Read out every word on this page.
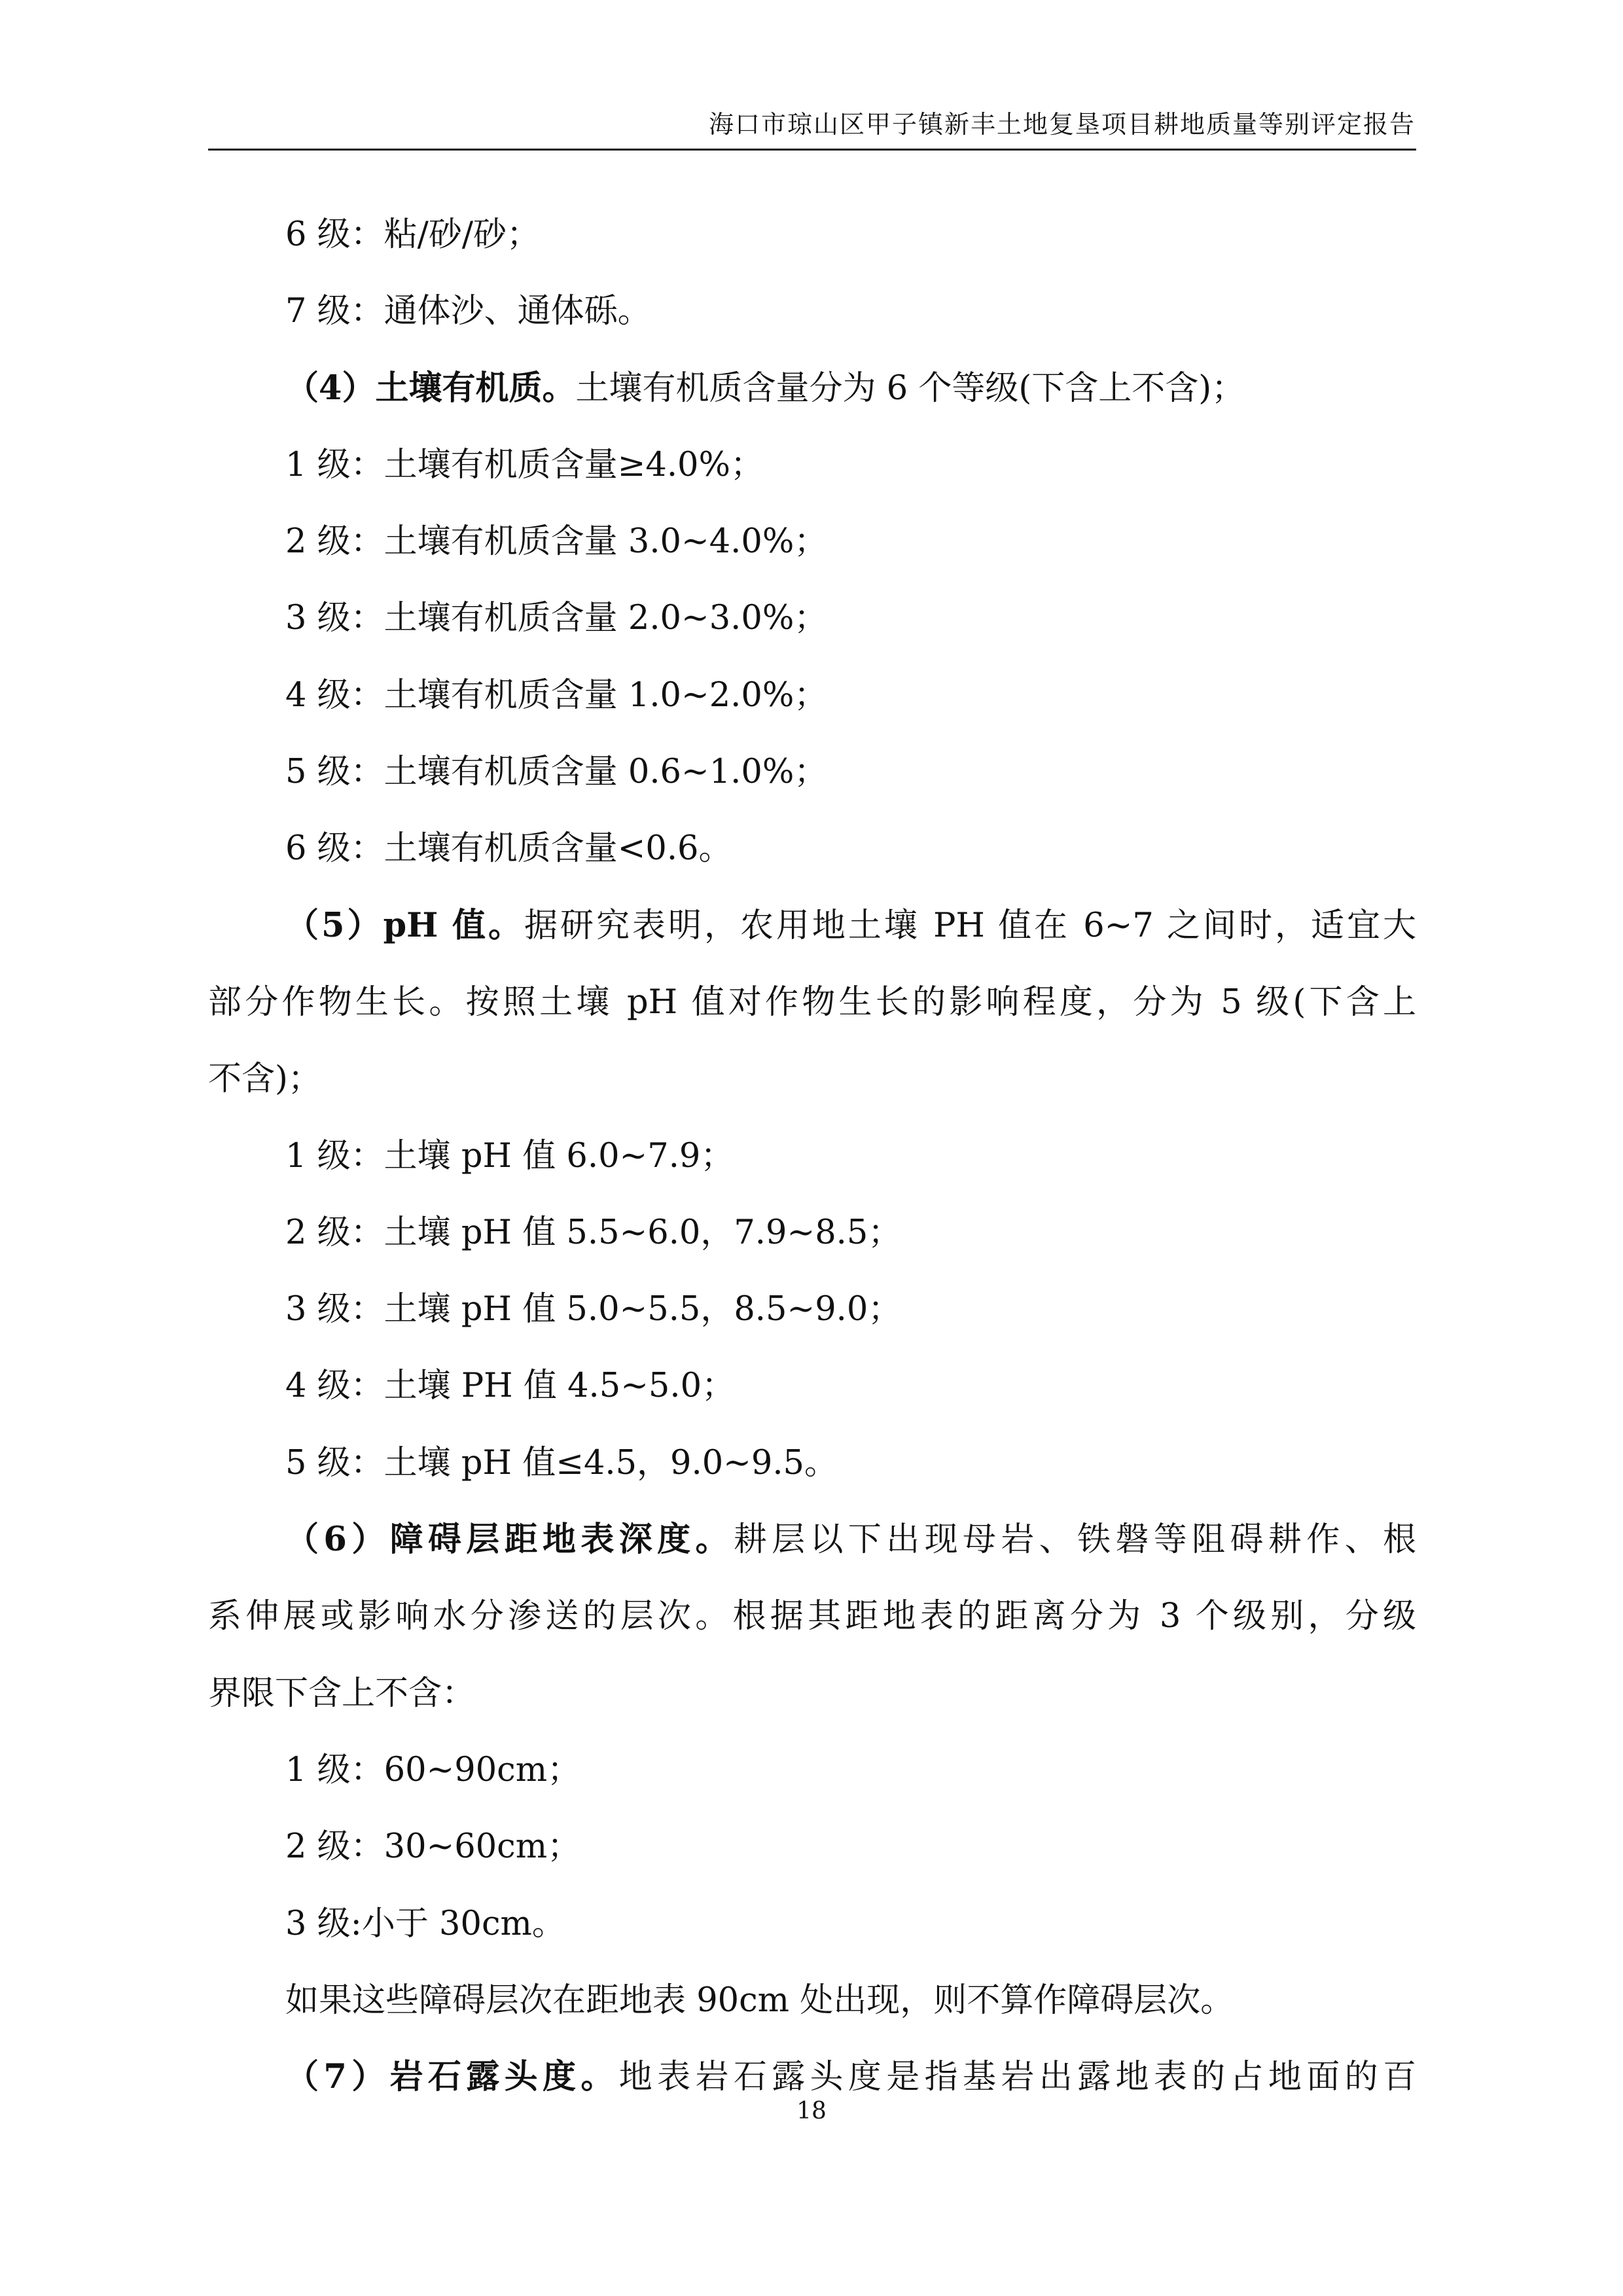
海口市琼山区甲子镇新丰土地复垦项目耕地质量等别评定报告

6 级：粘/砂/砂；

7 级：通体沙、通体砾。

（4）土壤有机质。土壤有机质含量分为 6 个等级(下含上不含)；

1 级：土壤有机质含量≥4.0%；

2 级：土壤有机质含量 3.0~4.0%；

3 级：土壤有机质含量 2.0~3.0%；

4 级：土壤有机质含量 1.0~2.0%；

5 级：土壤有机质含量 0.6~1.0%；

6 级：土壤有机质含量<0.6。

（5）pH 值。据研究表明，农用地土壤 PH 值在 6~7 之间时，适宜大

部分作物生长。按照土壤 pH 值对作物生长的影响程度，分为 5 级(下含上

不含)；

1 级：土壤 pH 值 6.0~7.9；

2 级：土壤 pH 值 5.5~6.0，7.9~8.5；

3 级：土壤 pH 值 5.0~5.5，8.5~9.0；

4 级：土壤 PH 值 4.5~5.0；

5 级：土壤 pH 值≤4.5，9.0~9.5。

（6）障碍层距地表深度。耕层以下出现母岩、铁磐等阻碍耕作、根

系伸展或影响水分渗送的层次。根据其距地表的距离分为 3 个级别，分级

界限下含上不含：

1 级：60~90cm；

2 级：30~60cm；

3 级:小于 30cm。

如果这些障碍层次在距地表 90cm 处出现，则不算作障碍层次。

（7）岩石露头度。地表岩石露头度是指基岩出露地表的占地面的百

18
